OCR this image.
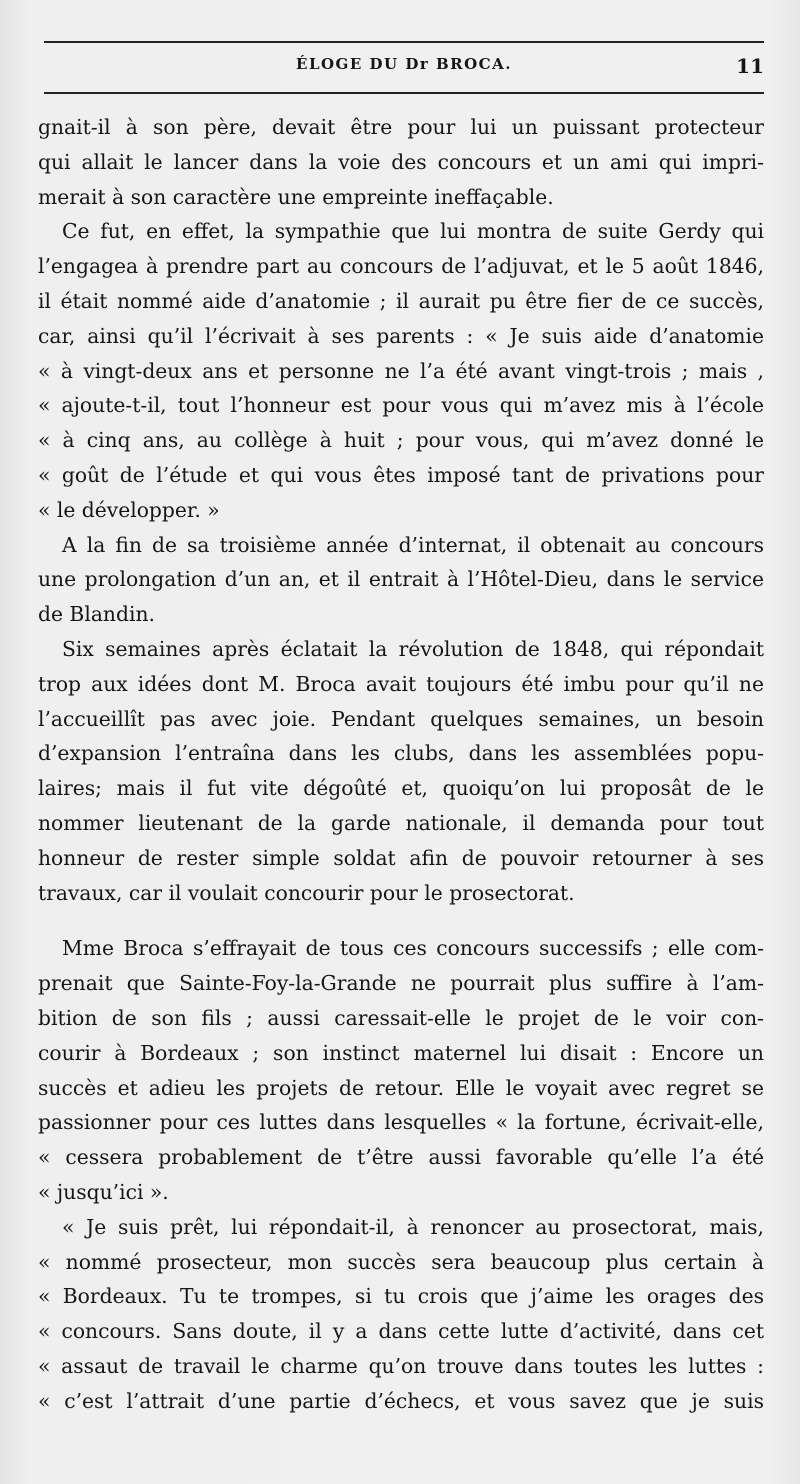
ÉLOGE DU Dr BROCA.	11
gnait-il à son père, devait être pour lui un puissant protecteur
qui allait le lancer dans la voie des concours et un ami qui impri-
merait à son caractère une empreinte ineffaçable.
Ce fut, en effet, la sympathie que lui montra de suite Gerdy qui
l’engagea à prendre part au concours de l’adjuvat, et le 5 août 1846,
il était nommé aide d’anatomie ; il aurait pu être fier de ce succès,
car, ainsi qu’il l’écrivait à ses parents : « Je suis aide d’anatomie
« à vingt-deux ans et personne ne l’a été avant vingt-trois ; mais ,
« ajoute-t-il, tout l’honneur est pour vous qui m’avez mis à l’école
« à cinq ans, au collège à huit ; pour vous, qui m’avez donné le
« goût de l’étude et qui vous êtes imposé tant de privations pour
« le développer. »
A la fin de sa troisième année d’internat, il obtenait au concours
une prolongation d’un an, et il entrait à l’Hôtel-Dieu, dans le service
de Blandin.
Six semaines après éclatait la révolution de 1848, qui répondait
trop aux idées dont M. Broca avait toujours été imbu pour qu’il ne
l’accueillît pas avec joie. Pendant quelques semaines, un besoin
d’expansion l’entraîna dans les clubs, dans les assemblées popu-
laires; mais il fut vite dégoûté et, quoiqu’on lui proposât de le
nommer lieutenant de la garde nationale, il demanda pour tout
honneur de rester simple soldat afin de pouvoir retourner à ses
travaux, car il voulait concourir pour le prosectorat.
Mme Broca s’effrayait de tous ces concours successifs ; elle com-
prenait que Sainte-Foy-la-Grande ne pourrait plus suffire à l’am-
bition de son fils ; aussi caressait-elle le projet de le voir con-
courir à Bordeaux ; son instinct maternel lui disait : Encore un
succès et adieu les projets de retour. Elle le voyait avec regret se
passionner pour ces luttes dans lesquelles « la fortune, écrivait-elle,
« cessera probablement de t’être aussi favorable qu’elle l’a été
« jusqu’ici ».
« Je suis prêt, lui répondait-il, à renoncer au prosectorat, mais,
« nommé prosecteur, mon succès sera beaucoup plus certain à
« Bordeaux. Tu te trompes, si tu crois que j’aime les orages des
« concours. Sans doute, il y a dans cette lutte d’activité, dans cet
« assaut de travail le charme qu’on trouve dans toutes les luttes :
« c’est l’attrait d’une partie d’échecs, et vous savez que je suis
